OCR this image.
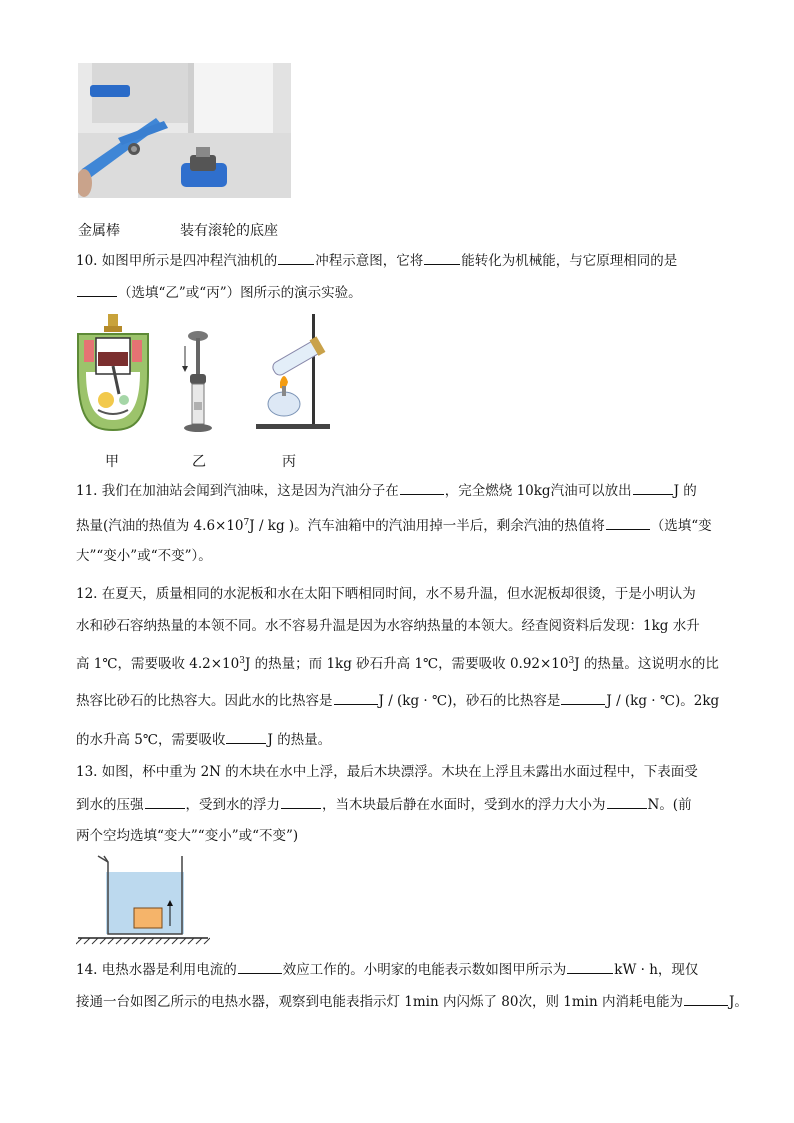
金属棒	装有滚轮的底座
10. 如图甲所示是四冲程汽油机的	冲程示意图，它将	能转化为机械能，与它原理相同的是
（选填“乙”或“丙”）图所示的演示实验。
甲	乙	丙
11. 我们在加油站会闻到汽油味，这是因为汽油分子在	，完全燃烧 10kg汽油可以放出	J 的
热量(汽油的热值为 $4.6\times 10^7J$ / kg )。汽车油箱中的汽油用掉一半后，剩余汽油的热值将	（选填“变
大”“变小”或“不变”）。
12. 在夏天，质量相同的水泥板和水在太阳下晒相同时间，水不易升温，但水泥板却很烫，于是小明认为
水和砂石容纳热量的本领不同。水不容易升温是因为水容纳热量的本领大。经查阅资料后发现：1kg 水升
高 1℃，需要吸收 $4.2\times 10^3J$ 的热量；而 1kg 砂石升高 1℃，需要吸收 $0.92\times 10^3J$ 的热量。这说明水的比
热容比砂石的比热容大。因此水的比热容是	J / (kg · ℃)，砂石的比热容是	J / (kg · ℃)。2kg
的水升高 5℃，需要吸收	J 的热量。
13. 如图，杯中重为 2N 的木块在水中上浮，最后木块漂浮。木块在上浮且未露出水面过程中，下表面受
到水的压强	，受到水的浮力	，当木块最后静在水面时，受到水的浮力大小为	N。(前
两个空均选填“变大”“变小”或“不变”)
14. 电热水器是利用电流的	效应工作的。小明家的电能表示数如图甲所示为	kW · h，现仅
接通一台如图乙所示的电热水器，观察到电能表指示灯 1min 内闪烁了 80次，则 1min 内消耗电能为	J。
